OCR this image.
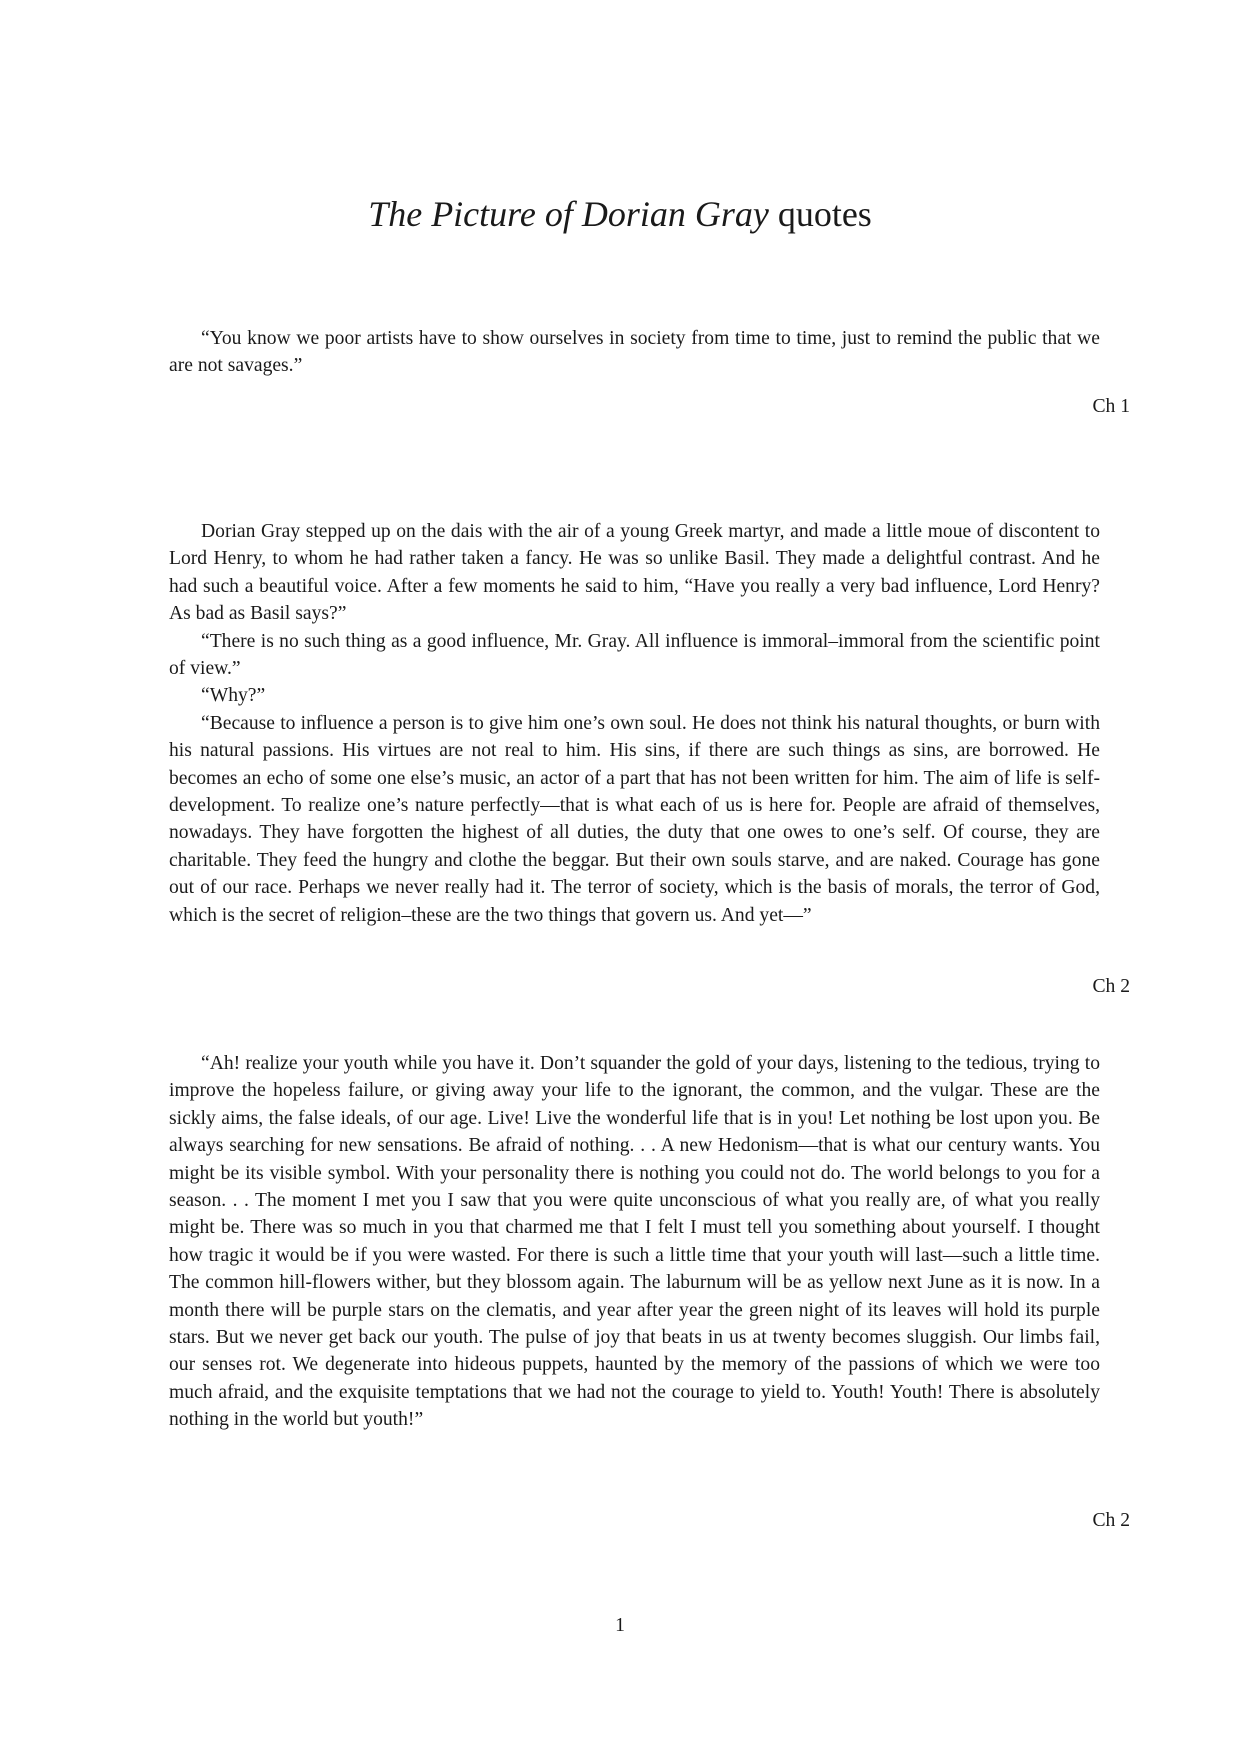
The Picture of Dorian Gray quotes

“You know we poor artists have to show ourselves in society from time to time, just to remind the public that we are not savages.”

Ch 1

Dorian Gray stepped up on the dais with the air of a young Greek martyr, and made a little moue of discontent to Lord Henry, to whom he had rather taken a fancy. He was so unlike Basil. They made a delightful contrast. And he had such a beautiful voice. After a few moments he said to him, “Have you really a very bad influence, Lord Henry? As bad as Basil says?”

“There is no such thing as a good influence, Mr. Gray. All influence is immoral–immoral from the scientific point of view.”

“Why?”

“Because to influence a person is to give him one’s own soul. He does not think his natural thoughts, or burn with his natural passions. His virtues are not real to him. His sins, if there are such things as sins, are borrowed. He becomes an echo of some one else’s music, an actor of a part that has not been written for him. The aim of life is self-development. To realize one’s nature perfectly—that is what each of us is here for. People are afraid of themselves, nowadays. They have forgotten the highest of all duties, the duty that one owes to one’s self. Of course, they are charitable. They feed the hungry and clothe the beggar. But their own souls starve, and are naked. Courage has gone out of our race. Perhaps we never really had it. The terror of society, which is the basis of morals, the terror of God, which is the secret of religion–these are the two things that govern us. And yet—”

Ch 2

“Ah! realize your youth while you have it. Don’t squander the gold of your days, listening to the tedious, trying to improve the hopeless failure, or giving away your life to the ignorant, the common, and the vulgar. These are the sickly aims, the false ideals, of our age. Live! Live the wonderful life that is in you! Let nothing be lost upon you. Be always searching for new sensations. Be afraid of nothing. . . A new Hedonism—that is what our century wants. You might be its visible symbol. With your personality there is nothing you could not do. The world belongs to you for a season. . . The moment I met you I saw that you were quite unconscious of what you really are, of what you really might be. There was so much in you that charmed me that I felt I must tell you something about yourself. I thought how tragic it would be if you were wasted. For there is such a little time that your youth will last—such a little time. The common hill-flowers wither, but they blossom again. The laburnum will be as yellow next June as it is now. In a month there will be purple stars on the clematis, and year after year the green night of its leaves will hold its purple stars. But we never get back our youth. The pulse of joy that beats in us at twenty becomes sluggish. Our limbs fail, our senses rot. We degenerate into hideous puppets, haunted by the memory of the passions of which we were too much afraid, and the exquisite temptations that we had not the courage to yield to. Youth! Youth! There is absolutely nothing in the world but youth!”

Ch 2
1
